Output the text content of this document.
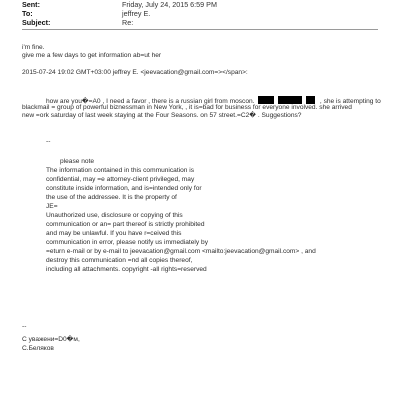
Sent:	Friday, July 24, 2015 6:59 PM
To:	jeffrey E.
Subject:	Re:
i'm fine.
give me a few days to get information ab=ut her
2015-07-24 19:02 GMT+03:00 jeffrey E. <jeevacation@gmail.com=></span>:
how are you�=A0 , I need a favor , there is a russian girl from moscon.	, she is attempting to
blackmail = group of powerful biznessman in New York, , it is=bad for business for everyone involved. she arrived
new =ork saturday of last week staying at the Four Seasons. on 57 street.=C2� . Suggestions?
--
please note
The information contained in this communication is
confidential, may =e attorney-client privileged, may
constitute inside information, and is=intended only for
the use of the addressee. It is the property of
JE=
Unauthorized use, disclosure or copying of this
communication or an= part thereof is strictly prohibited
and may be unlawful. If you have r=ceived this
communication in error, please notify us immediately by
=eturn e-mail or by e-mail to jeevacation@gmail.com <mailto:jeevacation@gmail.com> , and
destroy this communication =nd all copies thereof,
including all attachments. copyright -all rights=reserved
--
С уважени=D0�м,
С.Беляков
